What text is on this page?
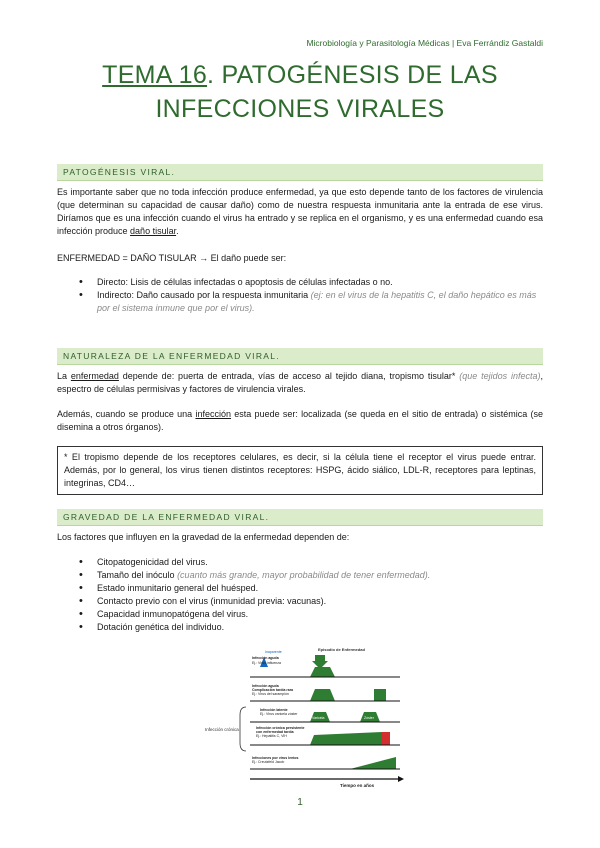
Microbiología y Parasitología Médicas | Eva Ferrándiz Gastaldi
TEMA 16. PATOGÉNESIS DE LAS
INFECCIONES VIRALES
PATOGÉNESIS VIRAL.
Es importante saber que no toda infección produce enfermedad, ya que esto depende tanto de los factores de virulencia (que determinan su capacidad de causar daño) como de nuestra respuesta inmunitaria ante la entrada de ese virus. Diríamos que es una infección cuando el virus ha entrado y se replica en el organismo, y es una enfermedad cuando esa infección produce daño tisular.
ENFERMEDAD = DAÑO TISULAR → El daño puede ser:
• Directo: Lisis de células infectadas o apoptosis de células infectadas o no.
• Indirecto: Daño causado por la respuesta inmunitaria (ej: en el virus de la hepatitis C, el daño hepático es más por el sistema inmune que por el virus).
NATURALEZA DE LA ENFERMEDAD VIRAL.
La enfermedad depende de: puerta de entrada, vías de acceso al tejido diana, tropismo tisular* (que tejidos infecta), espectro de células permisivas y factores de virulencia virales.
Además, cuando se produce una infección esta puede ser: localizada (se queda en el sitio de entrada) o sistémica (se disemina a otros órganos).
* El tropismo depende de los receptores celulares, es decir, si la célula tiene el receptor el virus puede entrar. Además, por lo general, los virus tienen distintos receptores: HSPG, ácido siálico, LDL-R, receptores para leptinas, integrinas, CD4…
GRAVEDAD DE LA ENFERMEDAD VIRAL.
Los factores que influyen en la gravedad de la enfermedad dependen de:
• Citopatogenicidad del virus.
• Tamaño del inóculo (cuanto más grande, mayor probabilidad de tener enfermedad).
• Estado inmunitario general del huésped.
• Contacto previo con el virus (inmunidad previa: vacunas).
• Capacidad inmunopatógena del virus.
• Dotación genética del individuo.
Episodio de Enfermedad
Inaparente
Infección aguda
Ej.: Virus influenza
Infección aguda
Complicación tardía rara
Ej.: Virus del sarampión
Infección crónica
Infección latente
Ej.: Virus varicela zóster
Varicela	Zóster
Infección crónica persistente
con enfermedad tardía
Ej.: Hepatitis C, VIH
Infecciones por virus lentos
Ej.: Creutzfeld Jacob
Tiempo en años
1
